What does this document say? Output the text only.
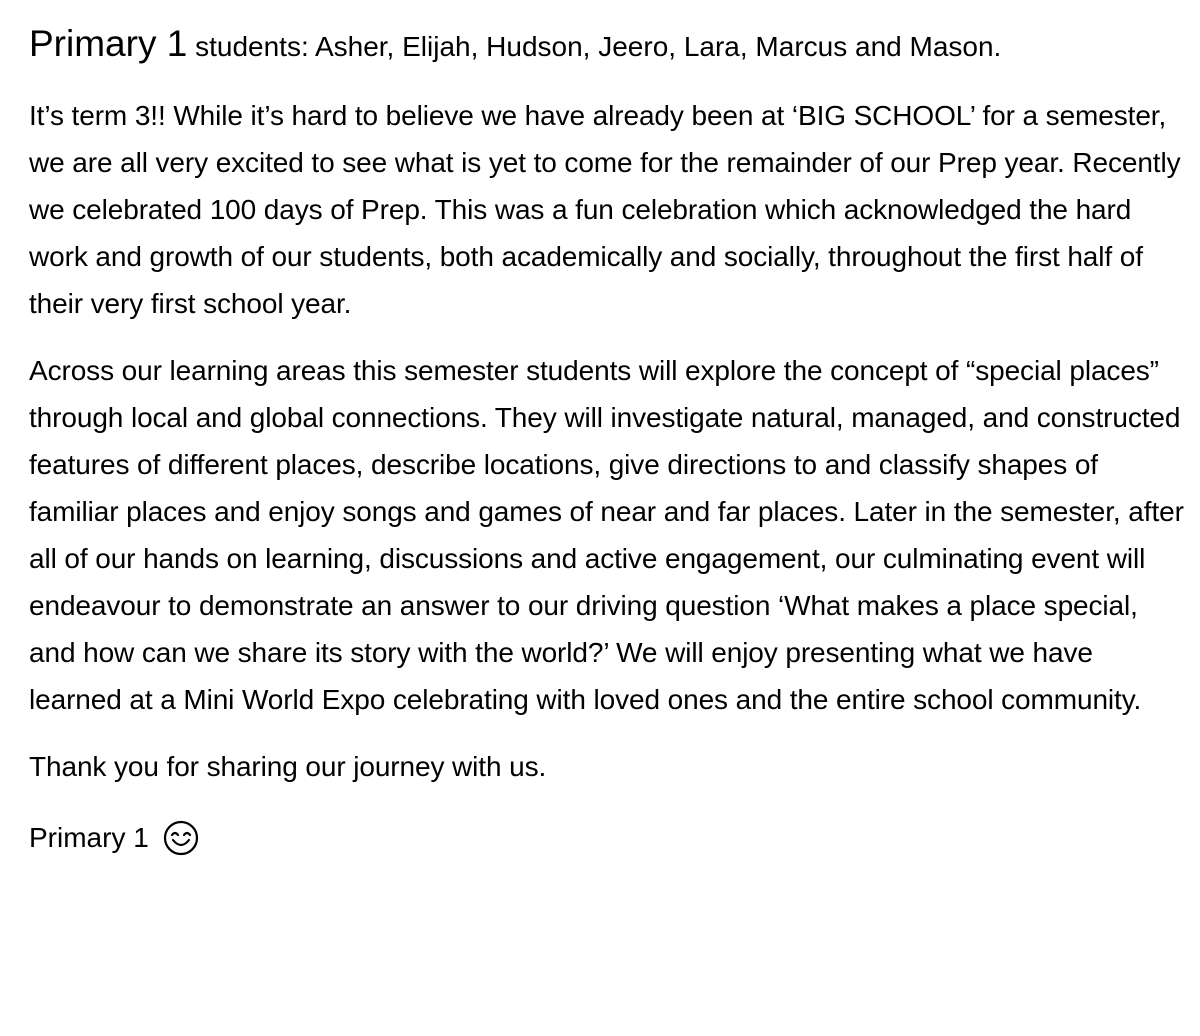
Primary 1 students: Asher, Elijah, Hudson, Jeero, Lara, Marcus and Mason.

It’s term 3!! While it’s hard to believe we have already been at ‘BIG SCHOOL’ for a semester, we are all very excited to see what is yet to come for the remainder of our Prep year. Recently we celebrated 100 days of Prep. This was a fun celebration which acknowledged the hard work and growth of our students, both academically and socially, throughout the first half of their very first school year.

Across our learning areas this semester students will explore the concept of “special places” through local and global connections. They will investigate natural, managed, and constructed features of different places, describe locations, give directions to and classify shapes of familiar places and enjoy songs and games of near and far places. Later in the semester, after all of our hands on learning, discussions and active engagement, our culminating event will endeavour to demonstrate an answer to our driving question ‘What makes a place special, and how can we share its story with the world?’ We will enjoy presenting what we have learned at a Mini World Expo celebrating with loved ones and the entire school community.

Thank you for sharing our journey with us.

Primary 1
